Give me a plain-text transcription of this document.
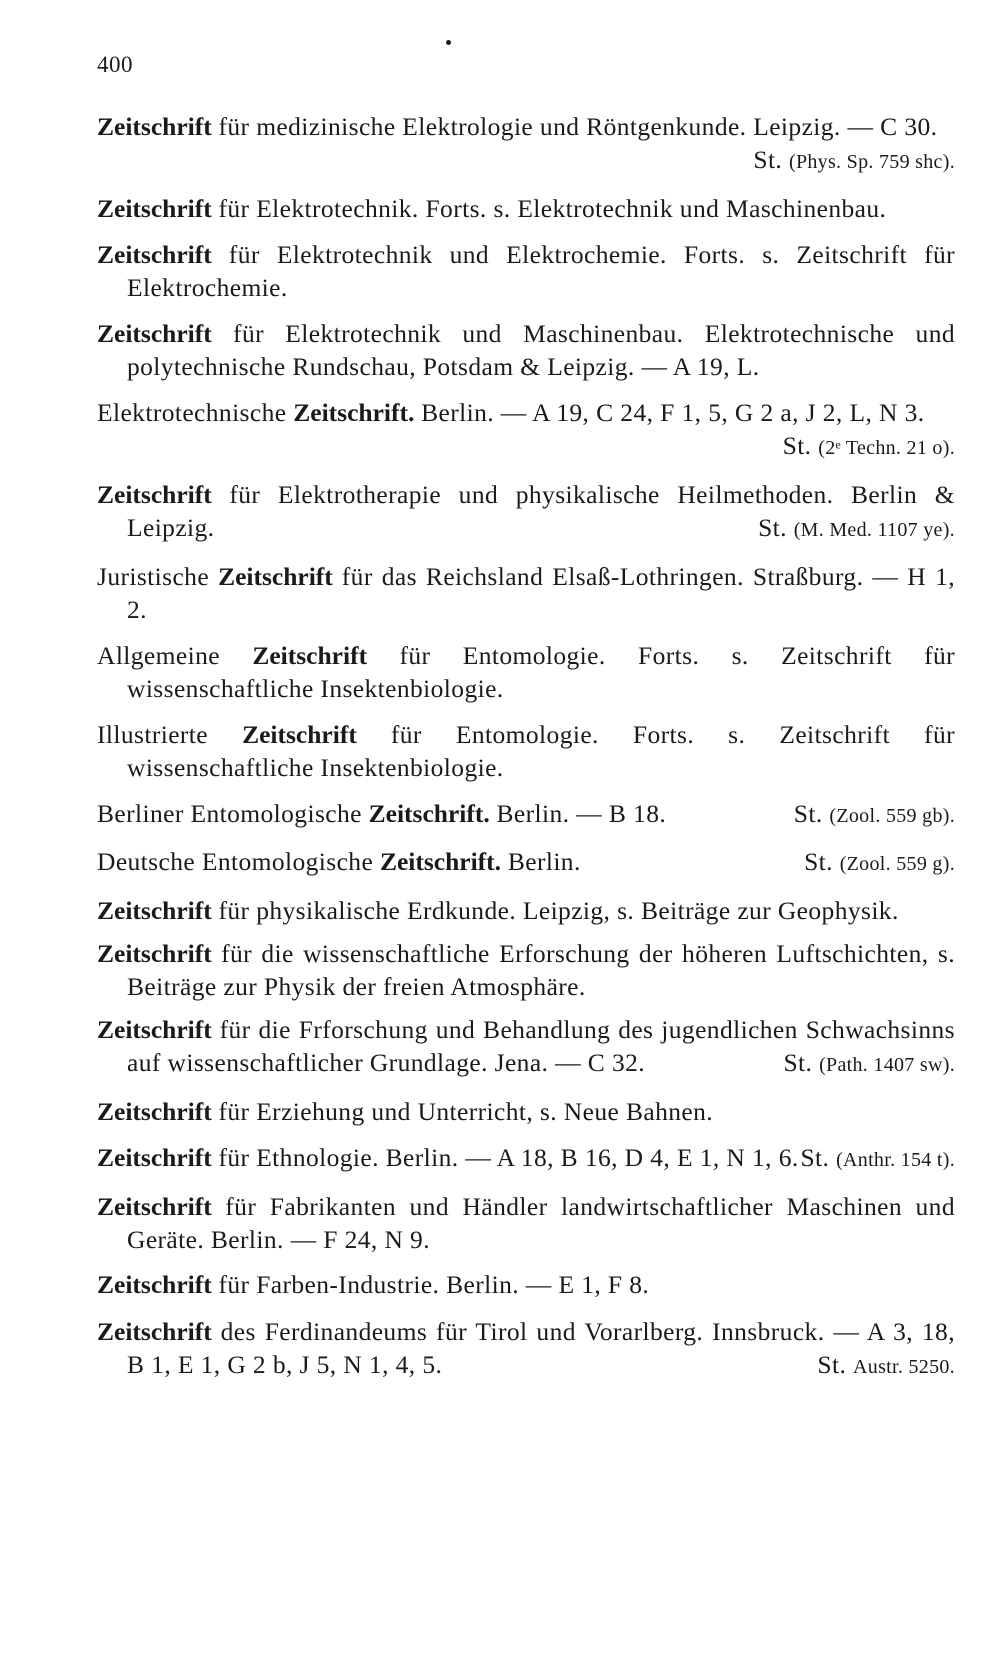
400
Zeitschrift für medizinische Elektrologie und Röntgenkunde. Leipzig. — C 30.
St. (Phys. Sp. 759 shc).
Zeitschrift für Elektrotechnik. Forts. s. Elektrotechnik und Maschinenbau.
Zeitschrift für Elektrotechnik und Elektrochemie. Forts. s. Zeitschrift für Elektrochemie.
Zeitschrift für Elektrotechnik und Maschinenbau. Elektrotechnische und polytechnische Rundschau, Potsdam & Leipzig. — A 19, L.
Elektrotechnische Zeitschrift. Berlin. — A 19, C 24, F 1, 5, G 2 a, J 2, L, N 3.
St. (2ᵉ Techn. 21 o).
Zeitschrift für Elektrotherapie und physikalische Heilmethoden. Berlin & Leipzig.	St. (M. Med. 1107 ye).
Juristische Zeitschrift für das Reichsland Elsaß-Lothringen. Straßburg. — H 1, 2.
Allgemeine Zeitschrift für Entomologie. Forts. s. Zeitschrift für wissenschaftliche Insektenbiologie.
Illustrierte Zeitschrift für Entomologie. Forts. s. Zeitschrift für wissenschaftliche Insektenbiologie.
Berliner Entomologische Zeitschrift. Berlin. — B 18.	St. (Zool. 559 gb).
Deutsche Entomologische Zeitschrift. Berlin.	St. (Zool. 559 g).
Zeitschrift für physikalische Erdkunde. Leipzig, s. Beiträge zur Geophysik.
Zeitschrift für die wissenschaftliche Erforschung der höheren Luftschichten, s. Beiträge zur Physik der freien Atmosphäre.
Zeitschrift für die Frforschung und Behandlung des jugendlichen Schwachsinns auf wissenschaftlicher Grundlage. Jena. — C 32.	St. (Path. 1407 sw).
Zeitschrift für Erziehung und Unterricht, s. Neue Bahnen.
Zeitschrift für Ethnologie. Berlin. — A 18, B 16, D 4, E 1, N 1, 6. St. (Anthr. 154 t).
Zeitschrift für Fabrikanten und Händler landwirtschaftlicher Maschinen und Geräte. Berlin. — F 24, N 9.
Zeitschrift für Farben-Industrie. Berlin. — E 1, F 8.
Zeitschrift des Ferdinandeums für Tirol und Vorarlberg. Innsbruck. — A 3, 18, B 1, E 1, G 2 b, J 5, N 1, 4, 5.	St. Austr. 5250.
